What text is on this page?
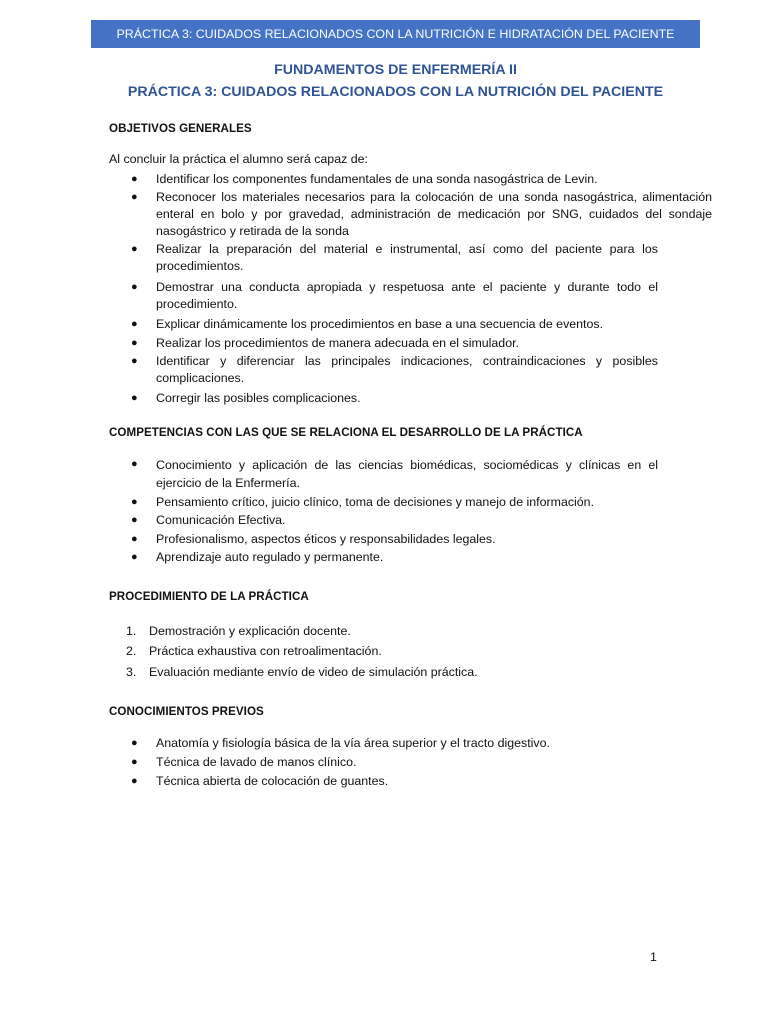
PRÁCTICA 3: CUIDADOS RELACIONADOS CON LA NUTRICIÓN E HIDRATACIÓN DEL PACIENTE
FUNDAMENTOS DE ENFERMERÍA II
PRÁCTICA 3: CUIDADOS RELACIONADOS CON LA NUTRICIÓN DEL PACIENTE
OBJETIVOS GENERALES
Al concluir la práctica el alumno será capaz de:
● Identificar los componentes fundamentales de una sonda nasogástrica de Levin.
● Reconocer los materiales necesarios para la colocación de una sonda nasogástrica, alimentación enteral en bolo y por gravedad, administración de medicación por SNG, cuidados del sondaje nasogástrico y retirada de la sonda
● Realizar la preparación del material e instrumental, así como del paciente para los procedimientos.
● Demostrar una conducta apropiada y respetuosa ante el paciente y durante todo el procedimiento.
● Explicar dinámicamente los procedimientos en base a una secuencia de eventos.
● Realizar los procedimientos de manera adecuada en el simulador.
● Identificar y diferenciar las principales indicaciones, contraindicaciones y posibles complicaciones.
● Corregir las posibles complicaciones.
COMPETENCIAS CON LAS QUE SE RELACIONA EL DESARROLLO DE LA PRÁCTICA
● Conocimiento y aplicación de las ciencias biomédicas, sociomédicas y clínicas en el ejercicio de la Enfermería.
● Pensamiento crítico, juicio clínico, toma de decisiones y manejo de información.
● Comunicación Efectiva.
● Profesionalismo, aspectos éticos y responsabilidades legales.
● Aprendizaje auto regulado y permanente.
PROCEDIMIENTO DE LA PRÁCTICA
1. Demostración y explicación docente.
2. Práctica exhaustiva con retroalimentación.
3. Evaluación mediante envío de video de simulación práctica.
CONOCIMIENTOS PREVIOS
● Anatomía y fisiología básica de la vía área superior y el tracto digestivo.
● Técnica de lavado de manos clínico.
● Técnica abierta de colocación de guantes.
1
